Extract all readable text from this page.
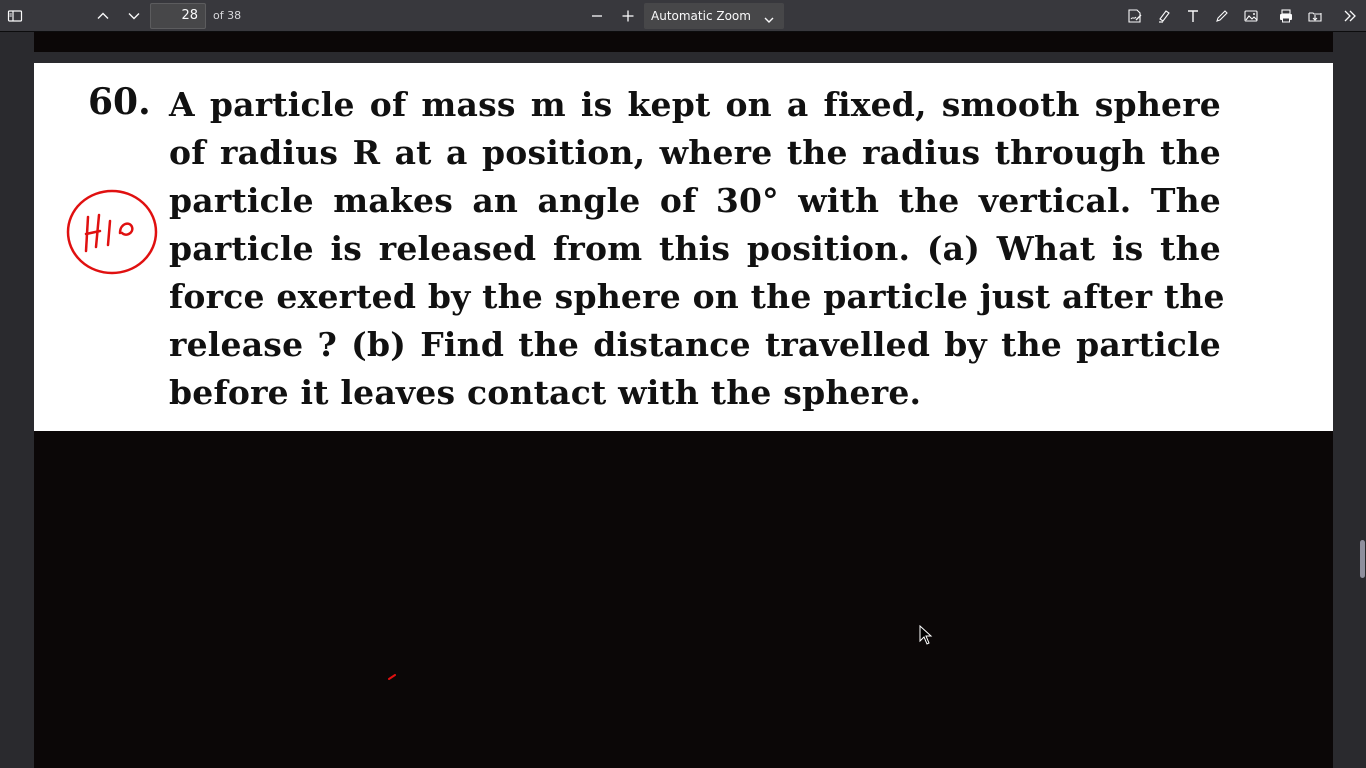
28	of 38	Automatic Zoom
60. A particle of mass m is kept on a fixed, smooth sphere
of radius R at a position, where the radius through the
particle makes an angle of 30° with the vertical. The
particle is released from this position. (a) What is the
force exerted by the sphere on the particle just after the
release ? (b) Find the distance travelled by the particle
before it leaves contact with the sphere.
